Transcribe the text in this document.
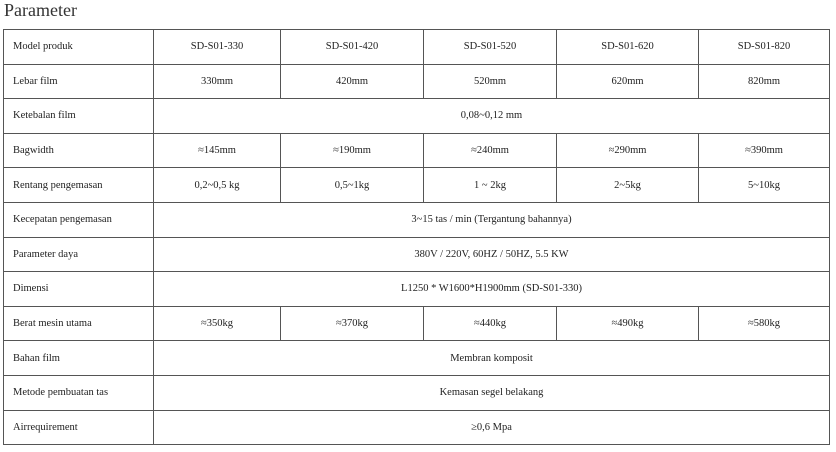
Parameter
Model produk	SD-S01-330	SD-S01-420	SD-S01-520	SD-S01-620	SD-S01-820
Lebar film	330mm	420mm	520mm	620mm	820mm
Ketebalan film	0,08~0,12 mm				
Bagwidth	≈145mm	≈190mm	≈240mm	≈290mm	≈390mm
Rentang pengemasan	0,2~0,5 kg	0,5~1kg	1 ~ 2kg	2~5kg	5~10kg
Kecepatan pengemasan	3~15 tas / min (Tergantung bahannya)				
Parameter daya	380V / 220V, 60HZ / 50HZ, 5.5 KW				
Dimensi	L1250 * W1600*H1900mm (SD-S01-330)				
Berat mesin utama	≈350kg	≈370kg	≈440kg	≈490kg	≈580kg
Bahan film	Membran komposit				
Metode pembuatan tas	Kemasan segel belakang				
Airrequirement	≥0,6 Mpa				
